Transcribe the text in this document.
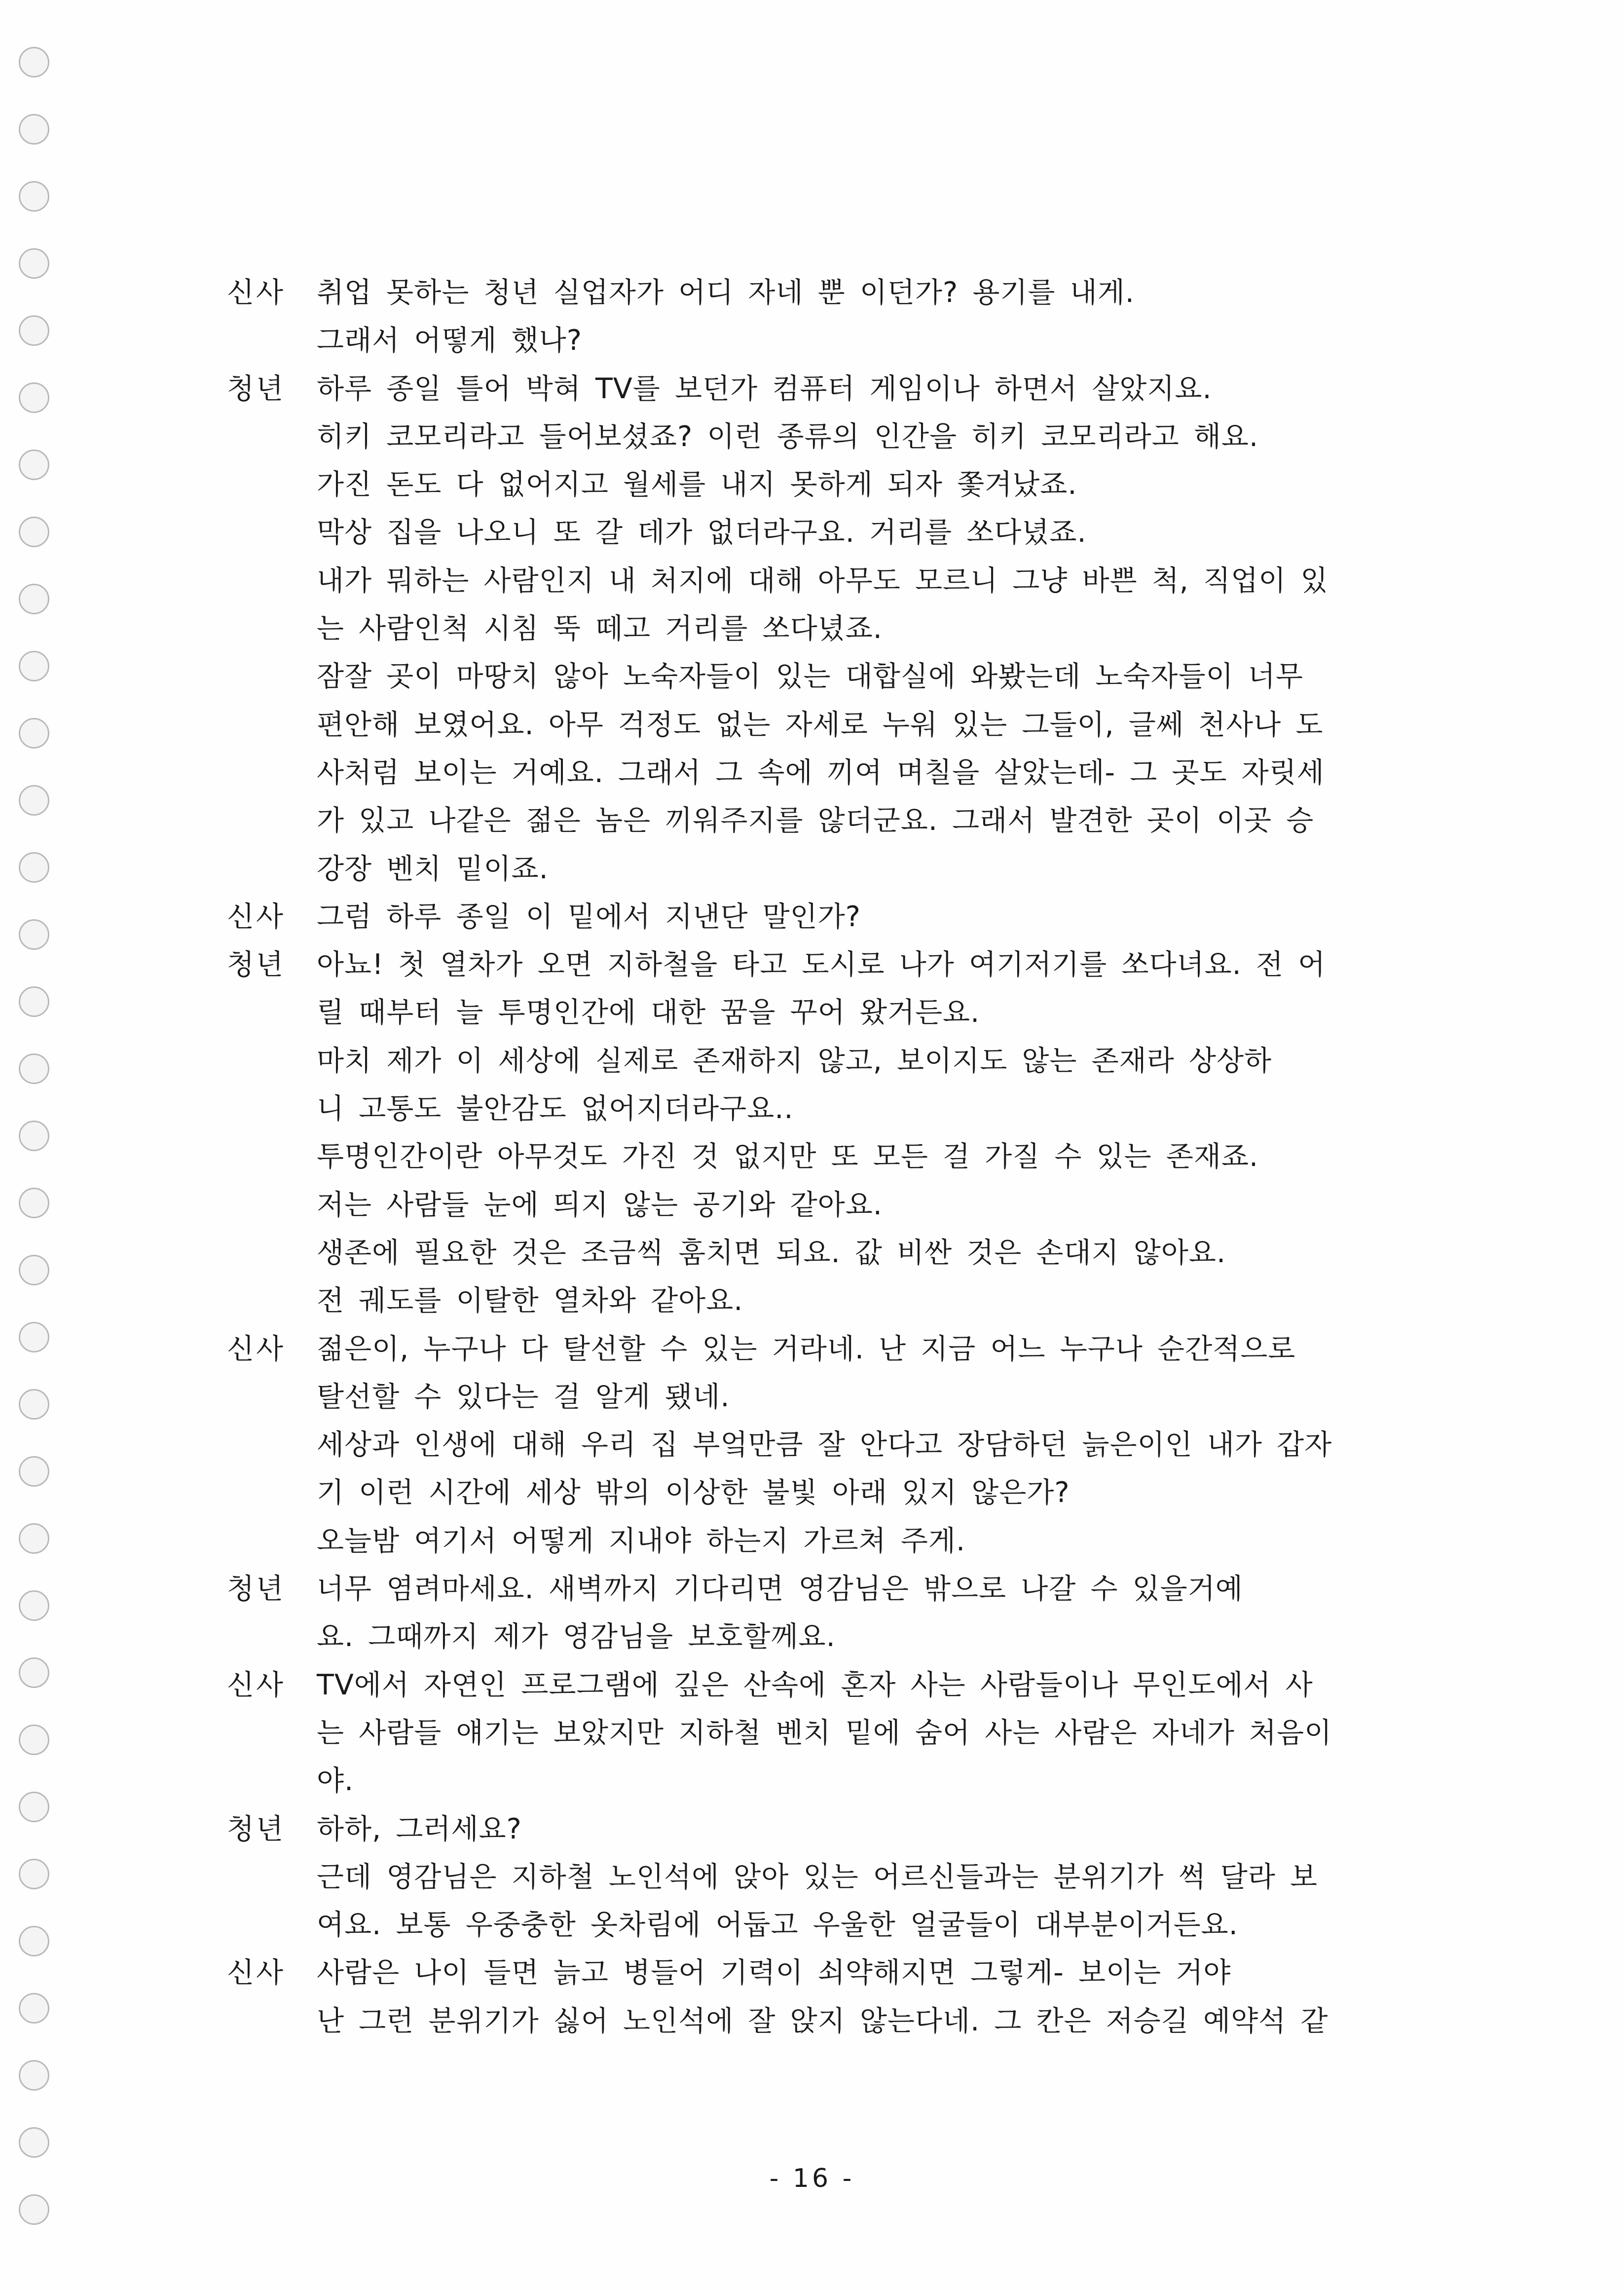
신사	취업 못하는 청년 실업자가 어디 자네 뿐 이던가? 용기를 내게.
그래서 어떻게 했나?
청년	하루 종일 틀어 박혀 TV를 보던가 컴퓨터 게임이나 하면서 살았지요.
히키 코모리라고 들어보셨죠? 이런 종류의 인간을 히키 코모리라고 해요.
가진 돈도 다 없어지고 월세를 내지 못하게 되자 쫓겨났죠.
막상 집을 나오니 또 갈 데가 없더라구요. 거리를 쏘다녔죠.
내가 뭐하는 사람인지 내 처지에 대해 아무도 모르니 그냥 바쁜 척, 직업이 있
는 사람인척 시침 뚝 떼고 거리를 쏘다녔죠.
잠잘 곳이 마땅치 않아 노숙자들이 있는 대합실에 와봤는데 노숙자들이 너무
편안해 보였어요. 아무 걱정도 없는 자세로 누워 있는 그들이, 글쎄 천사나 도
사처럼 보이는 거예요. 그래서 그 속에 끼여 며칠을 살았는데- 그 곳도 자릿세
가 있고 나같은 젊은 놈은 끼워주지를 않더군요. 그래서 발견한 곳이 이곳 승
강장 벤치 밑이죠.
신사	그럼 하루 종일 이 밑에서 지낸단 말인가?
청년	아뇨! 첫 열차가 오면 지하철을 타고 도시로 나가 여기저기를 쏘다녀요. 전 어
릴 때부터 늘 투명인간에 대한 꿈을 꾸어 왔거든요.
마치 제가 이 세상에 실제로 존재하지 않고, 보이지도 않는 존재라 상상하
니 고통도 불안감도 없어지더라구요..
투명인간이란 아무것도 가진 것 없지만 또 모든 걸 가질 수 있는 존재죠.
저는 사람들 눈에 띄지 않는 공기와 같아요.
생존에 필요한 것은 조금씩 훔치면 되요. 값 비싼 것은 손대지 않아요.
전 궤도를 이탈한 열차와 같아요.
신사	젊은이, 누구나 다 탈선할 수 있는 거라네. 난 지금 어느 누구나 순간적으로
탈선할 수 있다는 걸 알게 됐네.
세상과 인생에 대해 우리 집 부엌만큼 잘 안다고 장담하던 늙은이인 내가 갑자
기 이런 시간에 세상 밖의 이상한 불빛 아래 있지 않은가?
오늘밤 여기서 어떻게 지내야 하는지 가르쳐 주게.
청년	너무 염려마세요. 새벽까지 기다리면 영감님은 밖으로 나갈 수 있을거예
요. 그때까지 제가 영감님을 보호할께요.
신사	TV에서 자연인 프로그램에 깊은 산속에 혼자 사는 사람들이나 무인도에서 사
는 사람들 얘기는 보았지만 지하철 벤치 밑에 숨어 사는 사람은 자네가 처음이
야.
청년	하하, 그러세요?
근데 영감님은 지하철 노인석에 앉아 있는 어르신들과는 분위기가 썩 달라 보
여요. 보통 우중충한 옷차림에 어둡고 우울한 얼굴들이 대부분이거든요.
신사	사람은 나이 들면 늙고 병들어 기력이 쇠약해지면 그렇게- 보이는 거야
난 그런 분위기가 싫어 노인석에 잘 앉지 않는다네. 그 칸은 저승길 예약석 같
- 16 -
